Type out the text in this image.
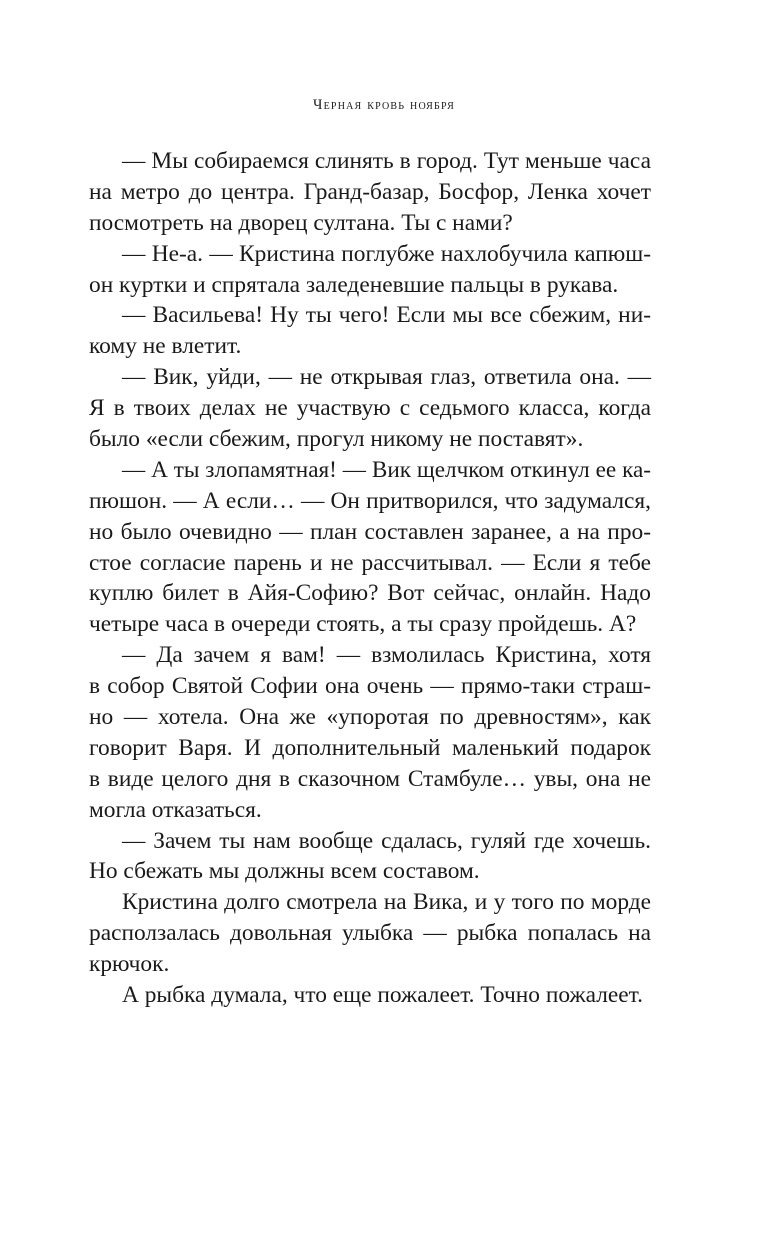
Черная кровь ноября
— Мы собираемся слинять в город. Тут меньше часа
на метро до центра. Гранд-базар, Босфор, Ленка хочет
посмотреть на дворец султана. Ты с нами?
— Не-а. — Кристина поглубже нахлобучила капюш-
он куртки и спрятала заледеневшие пальцы в рукава.
— Васильева! Ну ты чего! Если мы все сбежим, ни-
кому не влетит.
— Вик, уйди, — не открывая глаз, ответила она. —
Я в твоих делах не участвую с седьмого класса, когда
было «если сбежим, прогул никому не поставят».
— А ты злопамятная! — Вик щелчком откинул ее ка-
пюшон. — А если… — Он притворился, что задумался,
но было очевидно — план составлен заранее, а на про-
стое согласие парень и не рассчитывал. — Если я тебе
куплю билет в Айя-Софию? Вот сейчас, онлайн. Надо
четыре часа в очереди стоять, а ты сразу пройдешь. А?
— Да зачем я вам! — взмолилась Кристина, хотя
в собор Святой Софии она очень — прямо-таки страш-
но — хотела. Она же «упоротая по древностям», как
говорит Варя. И дополнительный маленький подарок
в виде целого дня в сказочном Стамбуле… увы, она не
могла отказаться.
— Зачем ты нам вообще сдалась, гуляй где хочешь.
Но сбежать мы должны всем составом.
Кристина долго смотрела на Вика, и у того по морде
расползалась довольная улыбка — рыбка попалась на
крючок.
А рыбка думала, что еще пожалеет. Точно пожалеет.
